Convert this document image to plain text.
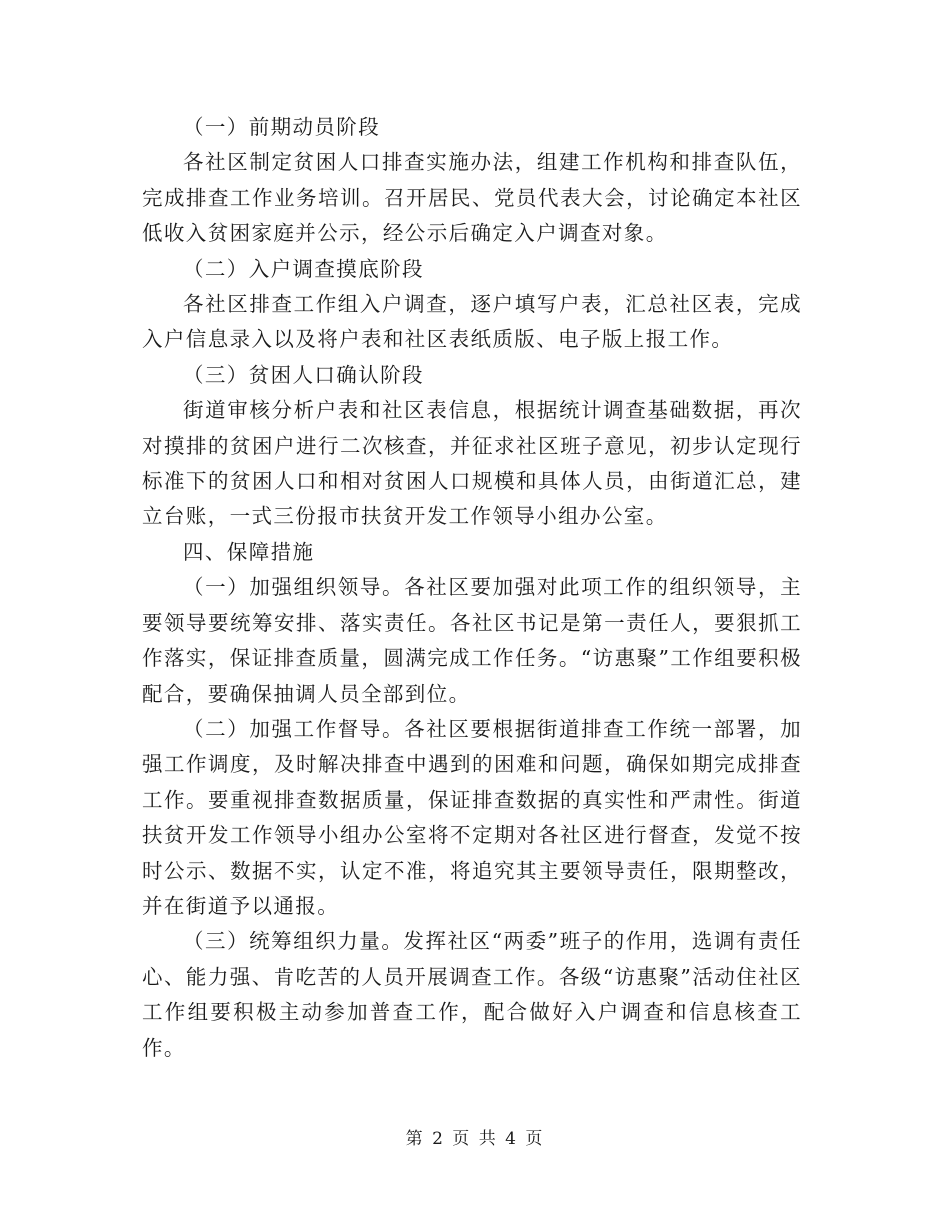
（一）前期动员阶段

各社区制定贫困人口排查实施办法，组建工作机构和排查队伍，完成排查工作业务培训。召开居民、党员代表大会，讨论确定本社区低收入贫困家庭并公示，经公示后确定入户调查对象。

（二）入户调查摸底阶段

各社区排查工作组入户调查，逐户填写户表，汇总社区表，完成入户信息录入以及将户表和社区表纸质版、电子版上报工作。

（三）贫困人口确认阶段

街道审核分析户表和社区表信息，根据统计调查基础数据，再次对摸排的贫困户进行二次核查，并征求社区班子意见，初步认定现行标准下的贫困人口和相对贫困人口规模和具体人员，由街道汇总，建立台账，一式三份报市扶贫开发工作领导小组办公室。

四、保障措施

（一）加强组织领导。各社区要加强对此项工作的组织领导，主要领导要统筹安排、落实责任。各社区书记是第一责任人，要狠抓工作落实，保证排查质量，圆满完成工作任务。“访惠聚”工作组要积极配合，要确保抽调人员全部到位。

（二）加强工作督导。各社区要根据街道排查工作统一部署，加强工作调度，及时解决排查中遇到的困难和问题，确保如期完成排查工作。要重视排查数据质量，保证排查数据的真实性和严肃性。街道扶贫开发工作领导小组办公室将不定期对各社区进行督查，发觉不按时公示、数据不实，认定不准，将追究其主要领导责任，限期整改，并在街道予以通报。

（三）统筹组织力量。发挥社区“两委”班子的作用，选调有责任心、能力强、肯吃苦的人员开展调查工作。各级“访惠聚”活动住社区工作组要积极主动参加普查工作，配合做好入户调查和信息核查工作。

第 2 页 共 4 页
